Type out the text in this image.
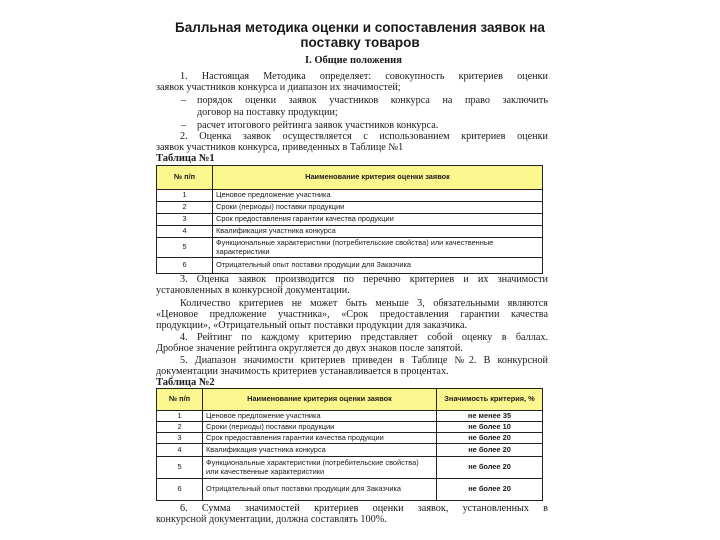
Балльная методика оценки и сопоставления заявок на
поставку товаров
I. Общие положения
1. Настоящая Методика определяет: совокупность критериев оценки
заявок участников конкурса и диапазон их значимостей;
– порядок оценки заявок участников конкурса на право заключить
договор на поставку продукции;
– расчет итогового рейтинга заявок участников конкурса.
2. Оценка заявок осуществляется с использованием критериев оценки
заявок участников конкурса, приведенных в Таблице №1
Таблица №1
№ п/п	Наименование критерия оценки заявок
1	Ценовое предложение участника
2	Сроки (периоды) поставки продукции
3	Срок предоставления гарантии качества продукции
4	Квалификация участника конкурса
5	Функциональные характеристики (потребительские свойства) или качественные характеристики
6	Отрицательный опыт поставки продукции для Заказчика
3. Оценка заявок производится по перечню критериев и их значимости
установленных в конкурсной документации.
Количество критериев не может быть меньше 3, обязательными являются
«Ценовое предложение участника», «Срок предоставления гарантии качества
продукции», «Отрицательный опыт поставки продукции для заказчика.
4. Рейтинг по каждому критерию представляет собой оценку в баллах.
Дробное значение рейтинга округляется до двух знаков после запятой.
5. Диапазон значимости критериев приведен в Таблице №2. В конкурсной
документации значимость критериев устанавливается в процентах.
Таблица №2
№ п/п	Наименование критерия оценки заявок	Значимость критерия, %
1	Ценовое предложение участника	не менее 35
2	Сроки (периоды) поставки продукции	не более 10
3	Срок предоставления гарантии качества продукции	не более 20
4	Квалификация участника конкурса	не более 20
5	Функциональные характеристики (потребительские свойства) или качественные характеристики	не более 20
6	Отрицательный опыт поставки продукции для Заказчика	не более 20
6. Сумма значимостей критериев оценки заявок, установленных в
конкурсной документации, должна составлять 100%.
